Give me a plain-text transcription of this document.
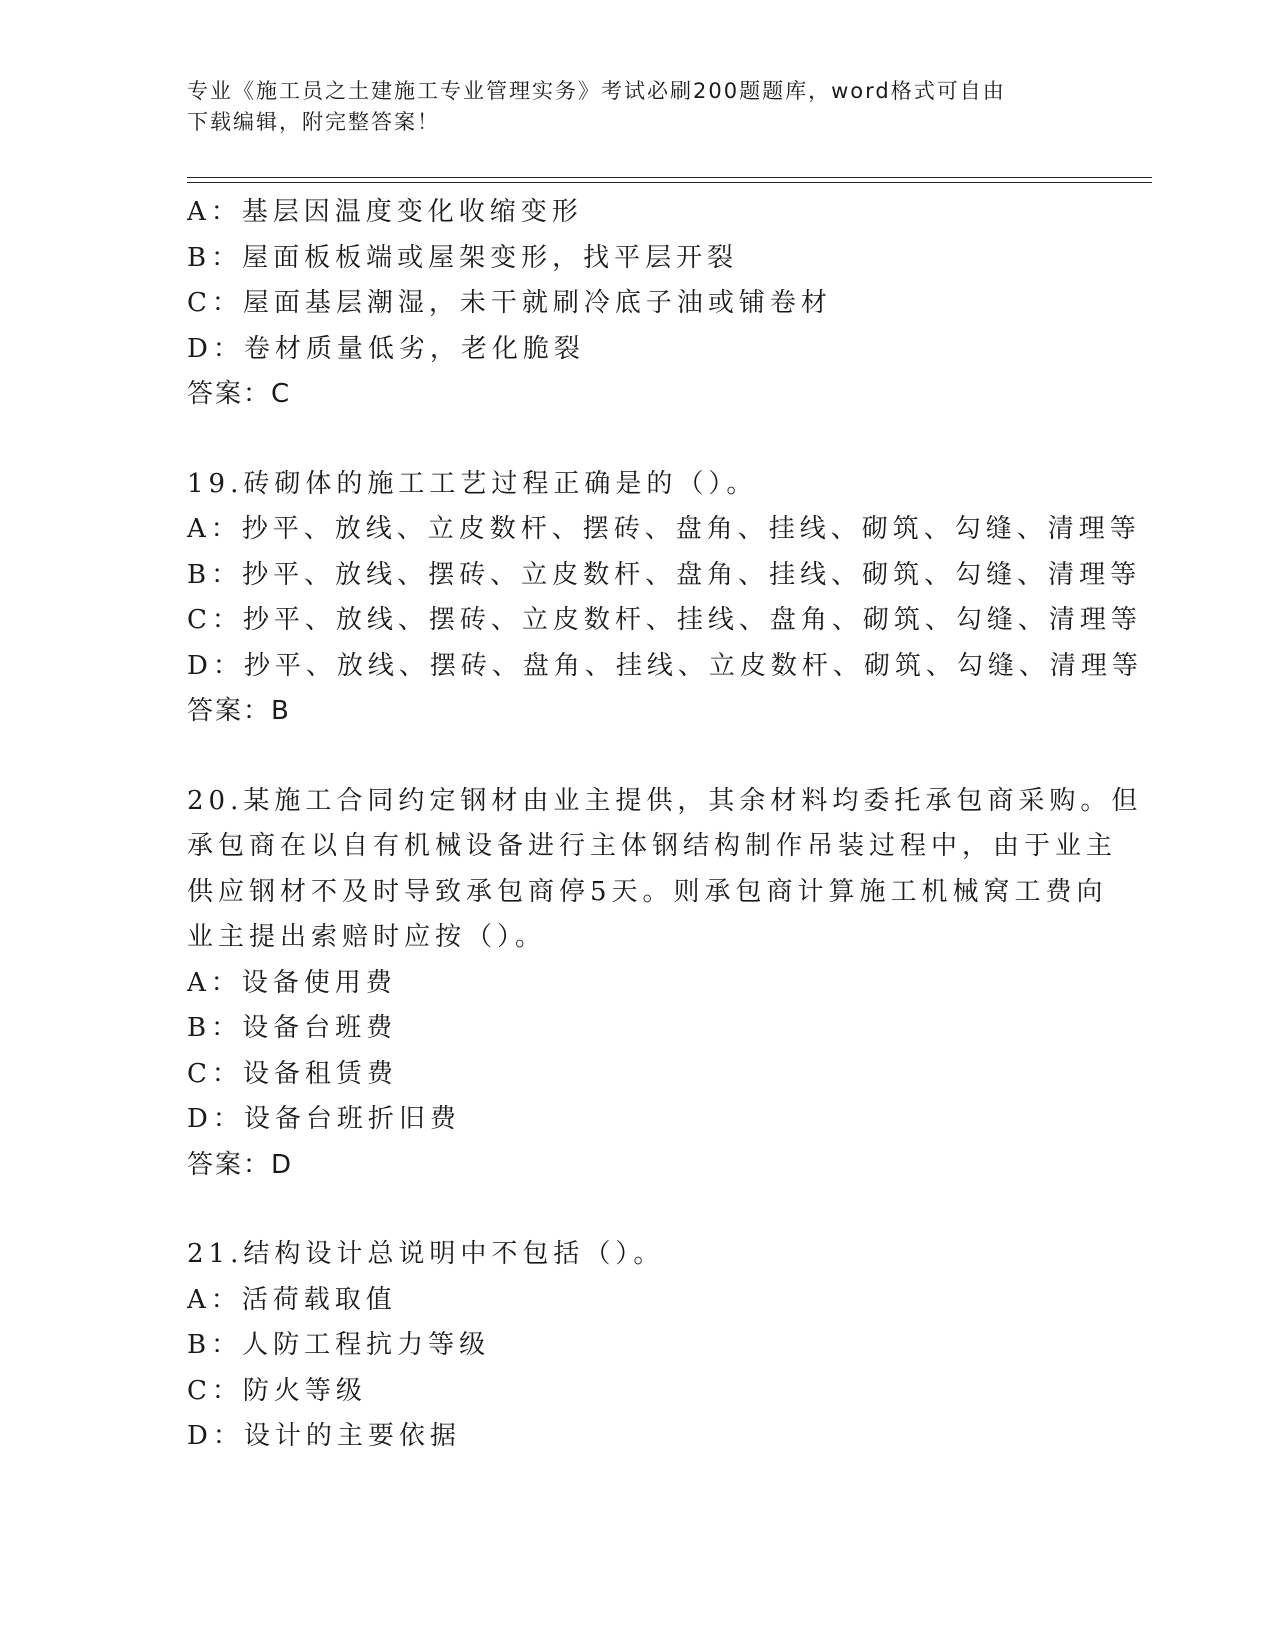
专业《施工员之土建施工专业管理实务》考试必刷200题题库，word格式可自由
下载编辑，附完整答案！
A：基层因温度变化收缩变形
B：屋面板板端或屋架变形，找平层开裂
C：屋面基层潮湿，未干就刷冷底子油或铺卷材
D：卷材质量低劣，老化脆裂
答案：C
19.砖砌体的施工工艺过程正确是的（）。
A：抄平、放线、立皮数杆、摆砖、盘角、挂线、砌筑、勾缝、清理等
B：抄平、放线、摆砖、立皮数杆、盘角、挂线、砌筑、勾缝、清理等
C：抄平、放线、摆砖、立皮数杆、挂线、盘角、砌筑、勾缝、清理等
D：抄平、放线、摆砖、盘角、挂线、立皮数杆、砌筑、勾缝、清理等
答案：B
20.某施工合同约定钢材由业主提供，其余材料均委托承包商采购。但
承包商在以自有机械设备进行主体钢结构制作吊装过程中，由于业主
供应钢材不及时导致承包商停5天。则承包商计算施工机械窝工费向
业主提出索赔时应按（）。
A：设备使用费
B：设备台班费
C：设备租赁费
D：设备台班折旧费
答案：D
21.结构设计总说明中不包括（）。
A：活荷载取值
B：人防工程抗力等级
C：防火等级
D：设计的主要依据
